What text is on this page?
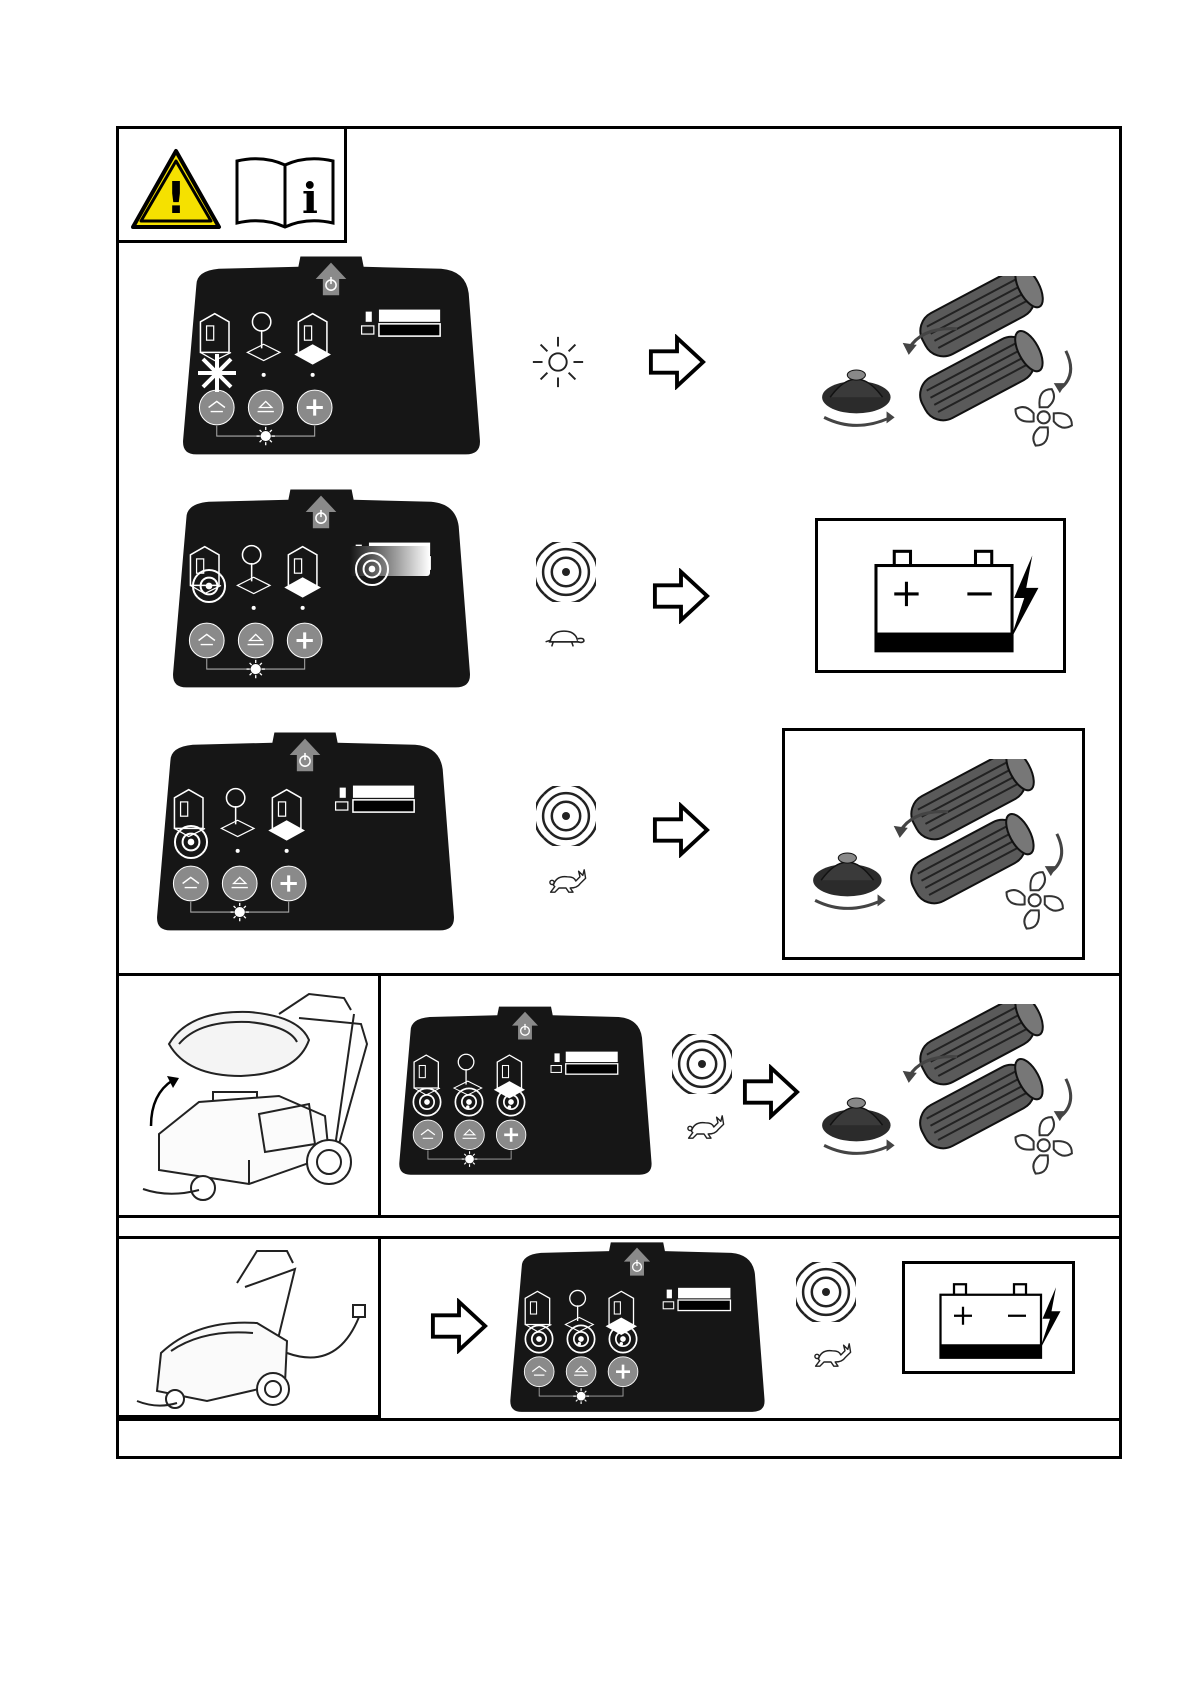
!	i
